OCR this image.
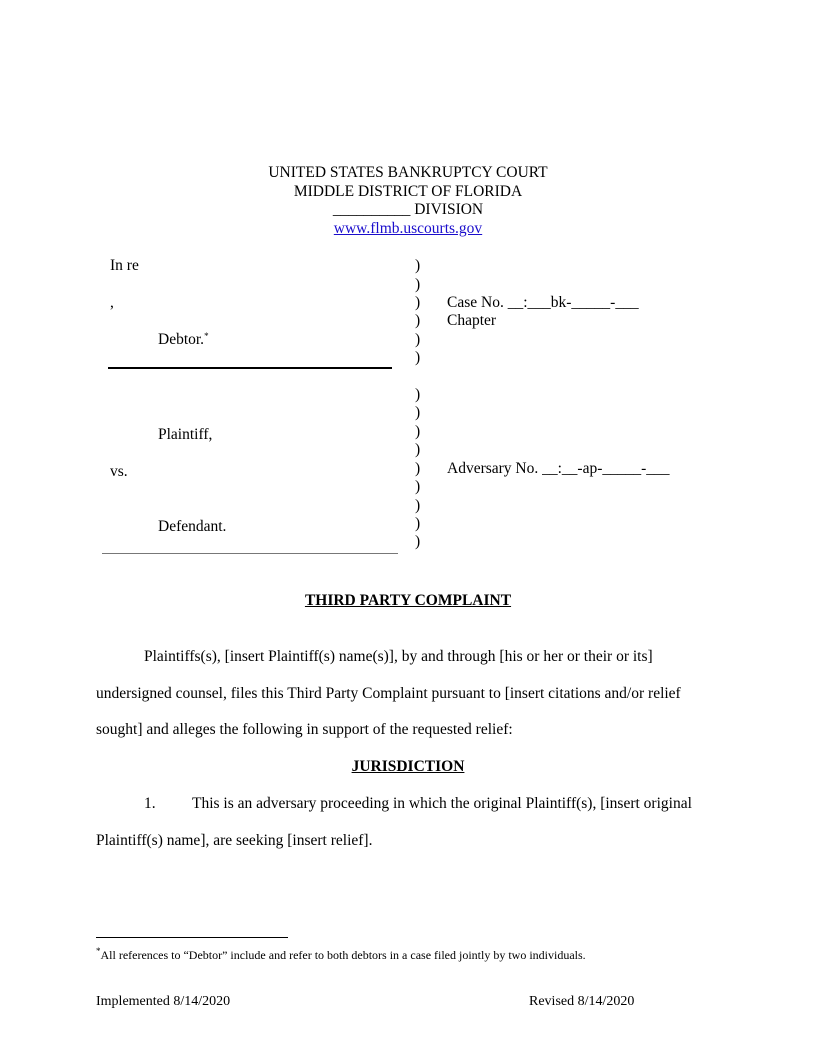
UNITED STATES BANKRUPTCY COURT
MIDDLE DISTRICT OF FLORIDA
__________ DIVISION
www.flmb.uscourts.gov
In re
,
Debtor.*
Plaintiff,
vs.
Defendant.
)
)
)
)
)
)
)
)
)
)
)
)
)
)
)
Case No. __:___bk-_____-___
Chapter
Adversary No. __:__-ap-_____-___
THIRD PARTY COMPLAINT
Plaintiffs(s), [insert Plaintiff(s) name(s)], by and through [his or her or their or its]
undersigned counsel, files this Third Party Complaint pursuant to [insert citations and/or relief
sought] and alleges the following in support of the requested relief:
JURISDICTION
1. This is an adversary proceeding in which the original Plaintiff(s), [insert original
Plaintiff(s) name], are seeking [insert relief].
*All references to “Debtor” include and refer to both debtors in a case filed jointly by two individuals.
Implemented 8/14/2020	Revised 8/14/2020
